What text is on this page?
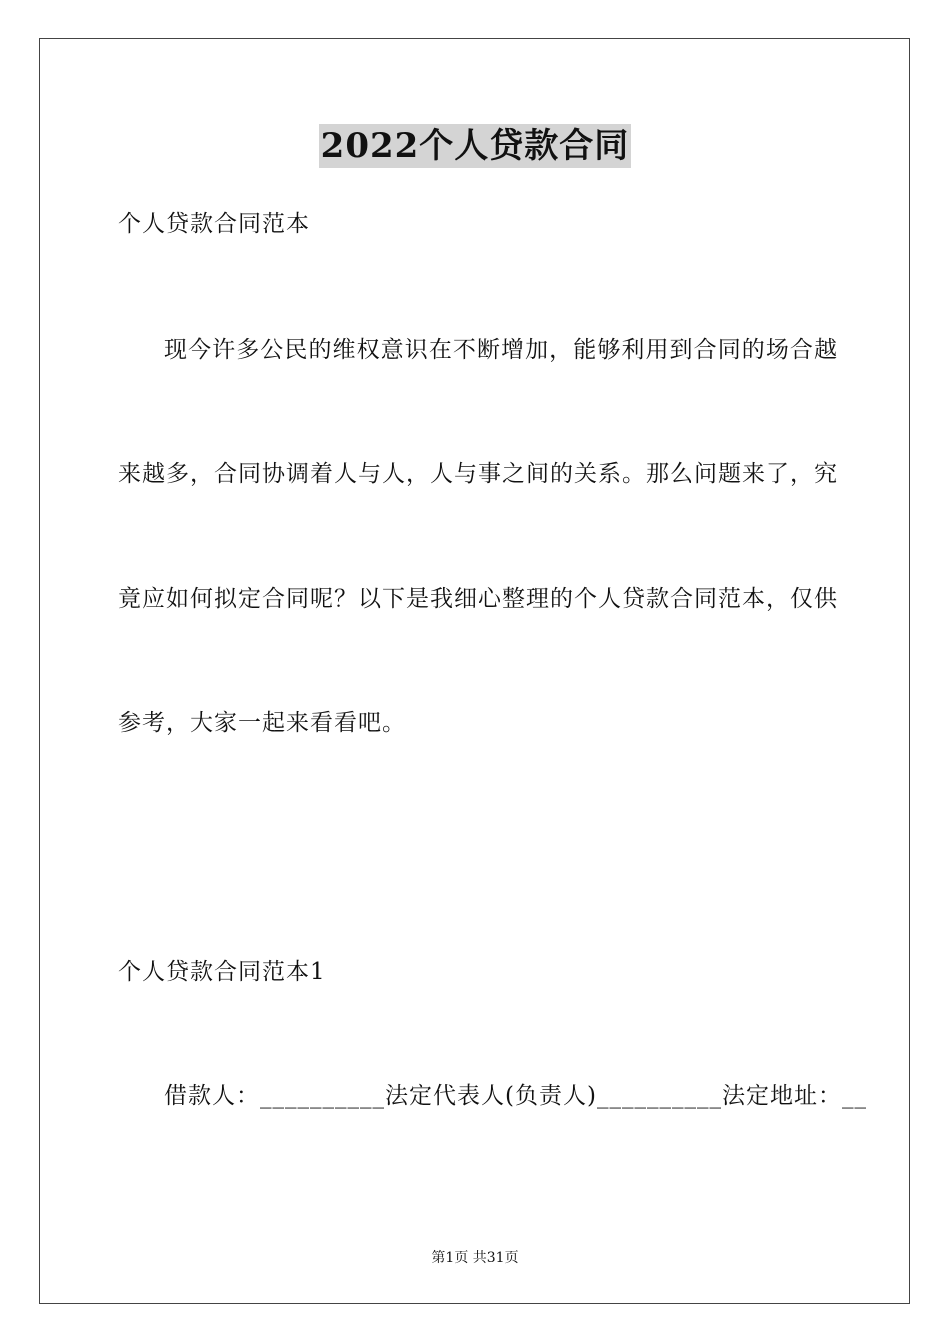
2022个人贷款合同
个人贷款合同范本
现今许多公民的维权意识在不断增加，能够利用到合同的场合越
来越多，合同协调着人与人，人与事之间的关系。那么问题来了，究
竟应如何拟定合同呢？以下是我细心整理的个人贷款合同范本，仅供
参考，大家一起来看看吧。
个人贷款合同范本1
借款人：__________法定代表人(负责人)__________法定地址：__
第1页 共31页
